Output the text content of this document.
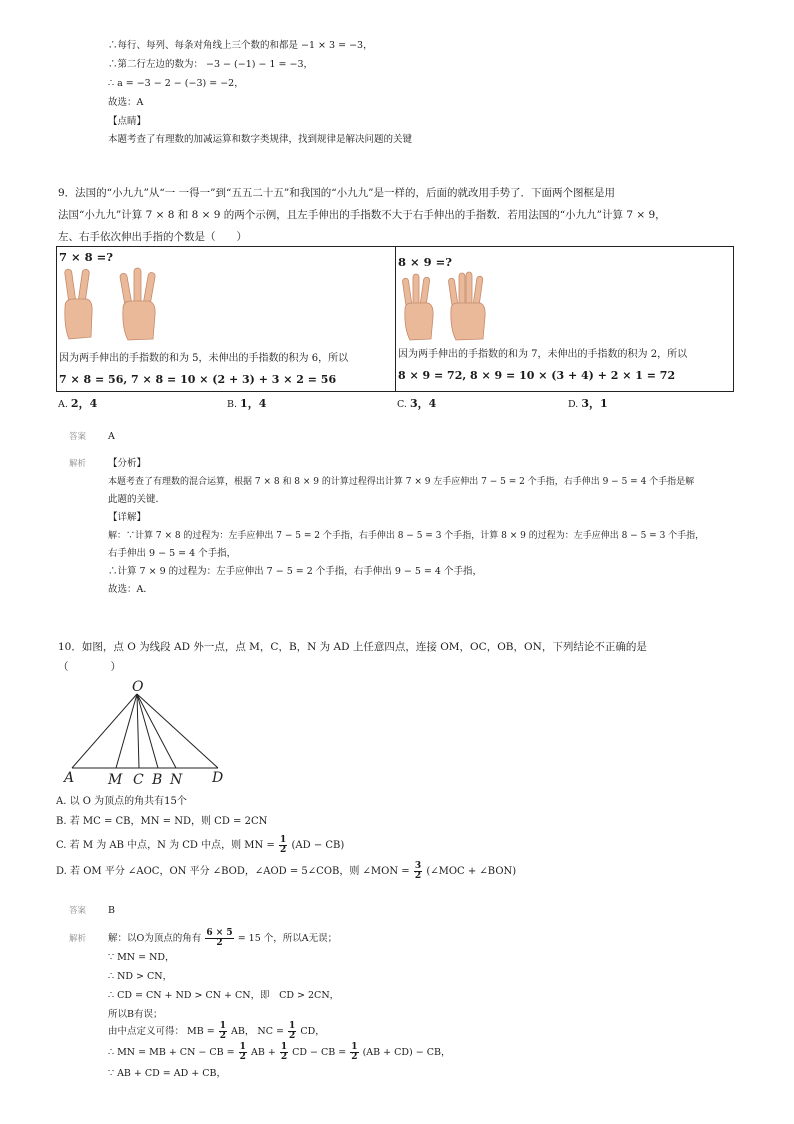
∴每行、每列、每条对角线上三个数的和都是 −1 × 3 = −3，
∴第二行左边的数为： −3 − (−1) − 1 = −3，
∴ a = −3 − 2 − (−3) = −2，
故选：A
【点睛】
本题考查了有理数的加减运算和数字类规律，找到规律是解决问题的关键
9．法国的“小九九”从“一 一得一”到“五五二十五”和我国的“小九九”是一样的，后面的就改用手势了．下面两个图框是用
法国“小九九”计算 7 × 8 和 8 × 9 的两个示例，且左手伸出的手指数不大于右手伸出的手指数．若用法国的“小九九”计算 7 × 9，
左、右手依次伸出手指的个数是（　　）
7 × 8 =?
因为两手伸出的手指数的和为 5，未伸出的手指数的积为 6，所以
7 × 8 = 56, 7 × 8 = 10 × (2 + 3) + 3 × 2 = 56
8 × 9 =?
因为两手伸出的手指数的和为 7，未伸出的手指数的积为 2，所以
8 × 9 = 72, 8 × 9 = 10 × (3 + 4) + 2 × 1 = 72
A. 2，4	B. 1，4	C. 3，4	D. 3，1
答案 A
解析 【分析】
本题考查了有理数的混合运算，根据 7 × 8 和 8 × 9 的计算过程得出计算 7 × 9 左手应伸出 7 − 5 = 2 个手指，右手伸出 9 − 5 = 4 个手指是解
此题的关键．
【详解】
解：∵计算 7 × 8 的过程为：左手应伸出 7 − 5 = 2 个手指，右手伸出 8 − 5 = 3 个手指，计算 8 × 9 的过程为：左手应伸出 8 − 5 = 3 个手指，
右手伸出 9 − 5 = 4 个手指，
∴计算 7 × 9 的过程为：左手应伸出 7 − 5 = 2 个手指，右手伸出 9 − 5 = 4 个手指，
故选：A．
10．如图，点 O 为线段 AD 外一点，点 M，C，B，N 为 AD 上任意四点，连接 OM，OC，OB，ON，下列结论不正确的是
（　　　　）
O
A M C B N D
A. 以 O 为顶点的角共有15个
B. 若 MC = CB，MN = ND，则 CD = 2CN
C. 若 M 为 AB 中点，N 为 CD 中点，则 MN = $\frac{1}{2} (AD - CB)$
D. 若 OM 平分 ∠AOC，ON 平分 ∠BOD，∠AOD = 5∠COB，则 ∠MON = $\frac{3}{2}$ (∠MOC + ∠BON)
答案 B
解析 解：以O为顶点的角有 $\frac{6 \times 5}{2} = 15$ 个，所以A无误；
∵ MN = ND，
∴ ND > CN，
∴ CD = CN + ND > CN + CN，即　CD > 2CN，
所以B有误；
由中点定义可得： MB = $\frac{1}{2}$ AB， NC = $\frac{1}{2}$ CD，
∴ MN = MB + CN − CB = $\frac{1}{2}$ AB + $\frac{1}{2}$ CD − CB = $\frac{1}{2} (AB + CD)$ − CB，
∵ AB + CD = AD + CB，
